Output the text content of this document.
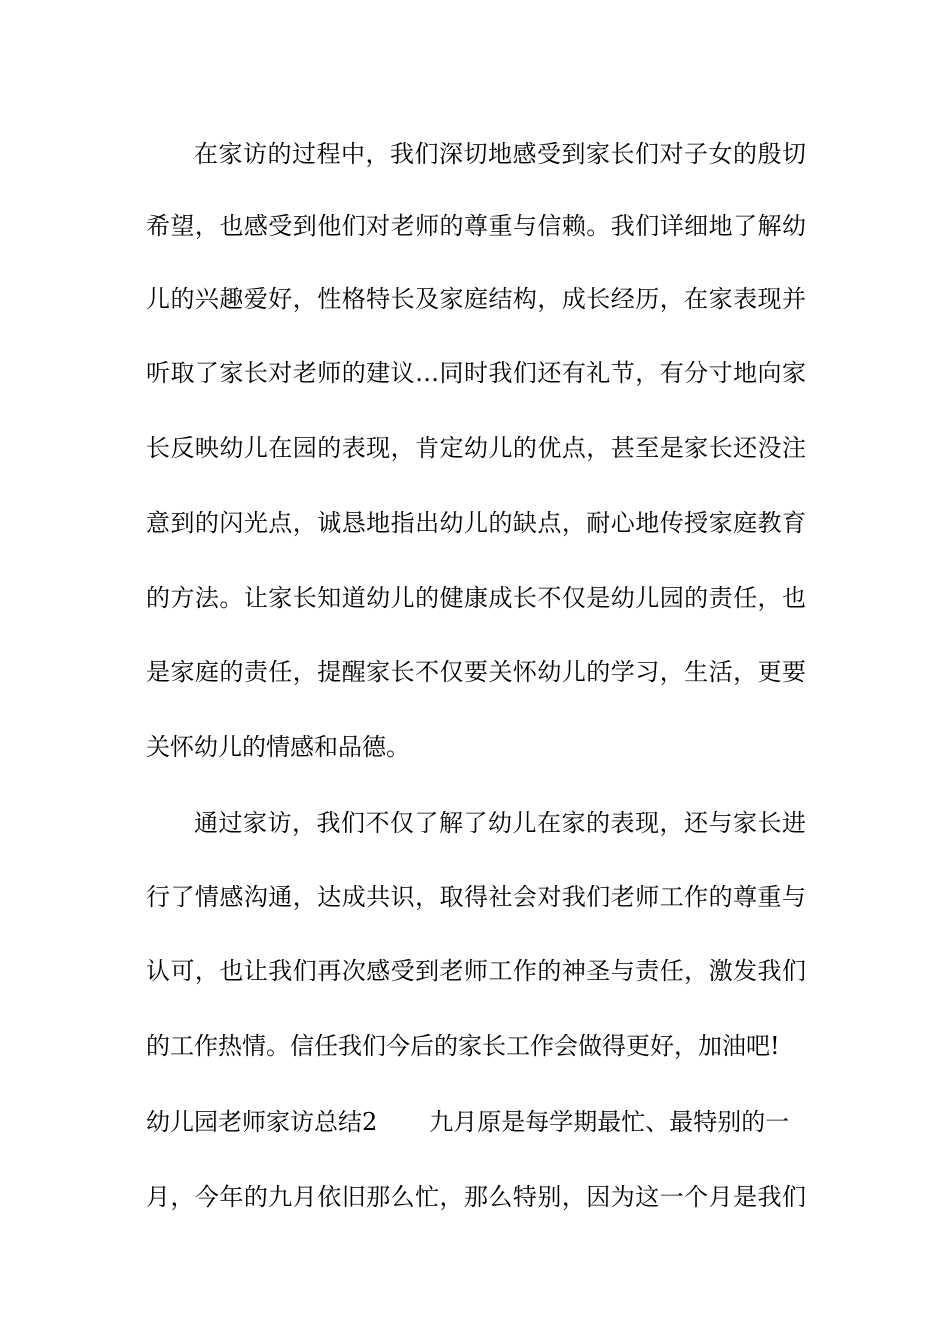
在家访的过程中，我们深切地感受到家长们对子女的殷切
希望，也感受到他们对老师的尊重与信赖。我们详细地了解幼
儿的兴趣爱好，性格特长及家庭结构，成长经历，在家表现并
听取了家长对老师的建议…同时我们还有礼节，有分寸地向家
长反映幼儿在园的表现，肯定幼儿的优点，甚至是家长还没注
意到的闪光点，诚恳地指出幼儿的缺点，耐心地传授家庭教育
的方法。让家长知道幼儿的健康成长不仅是幼儿园的责任，也
是家庭的责任，提醒家长不仅要关怀幼儿的学习，生活，更要
关怀幼儿的情感和品德。
通过家访，我们不仅了解了幼儿在家的表现，还与家长进
行了情感沟通，达成共识，取得社会对我们老师工作的尊重与
认可，也让我们再次感受到老师工作的神圣与责任，激发我们
的工作热情。信任我们今后的家长工作会做得更好，加油吧!
幼儿园老师家访总结2 九月原是每学期最忙、最特别的一
月，今年的九月依旧那么忙，那么特别，因为这一个月是我们
